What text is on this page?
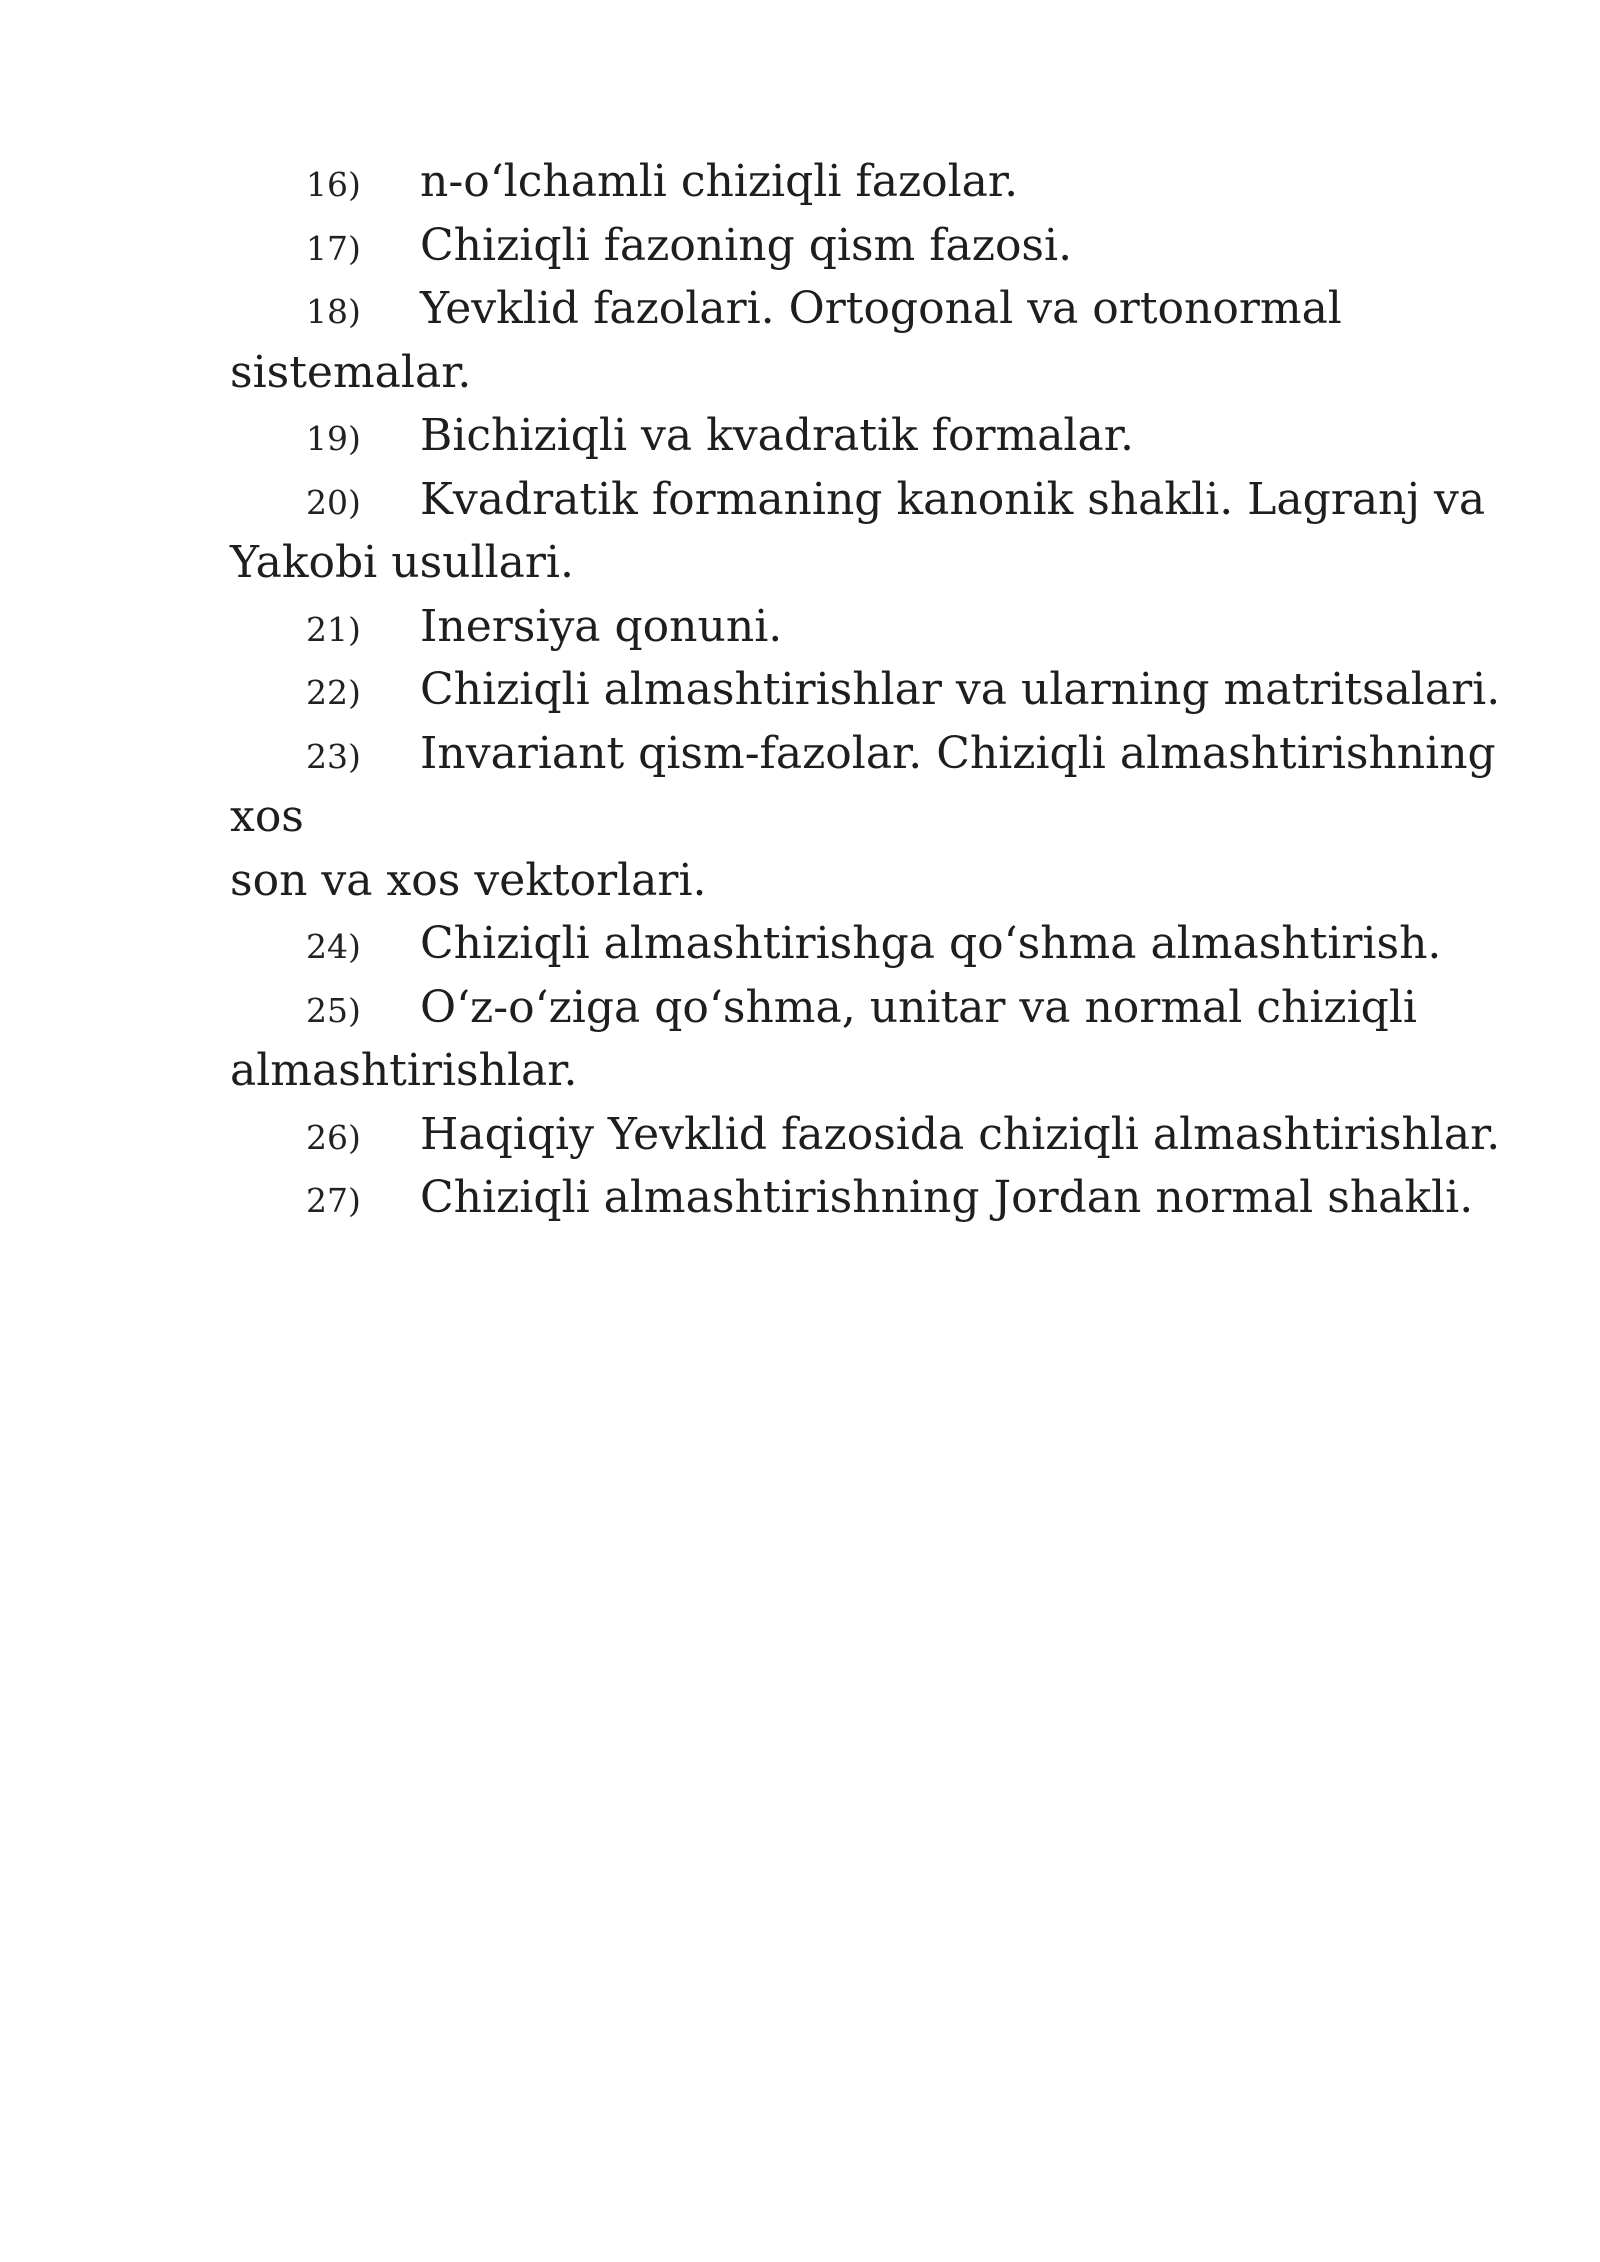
16) n-o‘lchamli chiziqli fazolar.
17) Chiziqli fazoning qism fazosi.
18) Yevklid fazolari. Ortogonal va ortonormal
sistemalar.
19) Bichiziqli va kvadratik formalar.
20) Kvadratik formaning kanonik shakli. Lagranj va
Yakobi usullari.
21) Inersiya qonuni.
22) Chiziqli almashtirishlar va ularning matritsalari.
23) Invariant qism-fazolar. Chiziqli almashtirishning
xos
son va xos vektorlari.
24) Chiziqli almashtirishga qo‘shma almashtirish.
25) O‘z-o‘ziga qo‘shma, unitar va normal chiziqli
almashtirishlar.
26) Haqiqiy Yevklid fazosida chiziqli almashtirishlar.
27) Chiziqli almashtirishning Jordan normal shakli.
